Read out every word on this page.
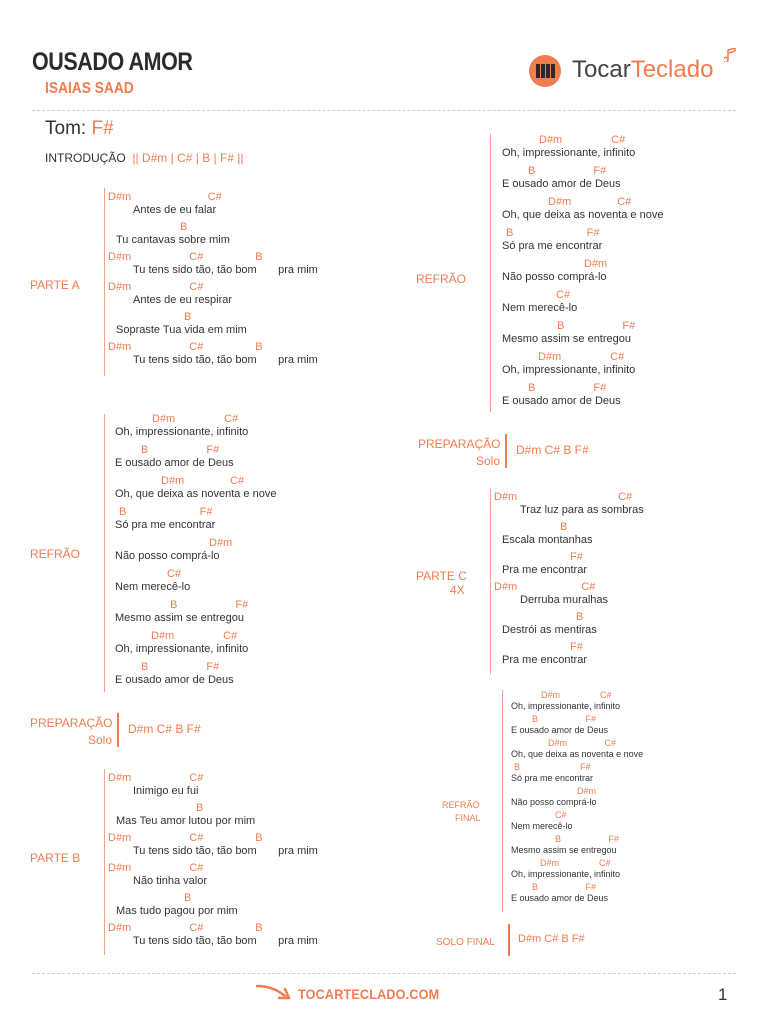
OUSADO AMOR
ISAIAS SAAD
TocarTeclado
Tom: F#
INTRODUÇÃO || D#m | C# | B | F# ||
PARTE A
D#m                         C#
Antes de eu falar
B
Tu cantavas sobre mim
D#m                   C#                 B
Tu tens sido tão, tão bom       pra mim
D#m                   C#
Antes de eu respirar
B
Sopraste Tua vida em mim
D#m                   C#                 B
Tu tens sido tão, tão bom       pra mim
REFRÃO
D#m                C#
Oh, impressionante, infinito
B                   F#
E ousado amor de Deus
D#m               C#
Oh, que deixa as noventa e nove
B                        F#
Só pra me encontrar
D#m
Não posso comprá-lo
C#
Nem merecê-lo
B                   F#
Mesmo assim se entregou
D#m                C#
Oh, impressionante, infinito
B                   F#
E ousado amor de Deus
PREPARAÇÃO
Solo
D#m C# B F#
PARTE B
D#m                   C#
Inimigo eu fui
B
Mas Teu amor lutou por mim
D#m                   C#                 B
Tu tens sido tão, tão bom       pra mim
D#m                   C#
Não tinha valor
B
Mas tudo pagou por mim
D#m                   C#                 B
Tu tens sido tão, tão bom       pra mim
REFRÃO
D#m                C#
Oh, impressionante, infinito
B                   F#
E ousado amor de Deus
D#m               C#
Oh, que deixa as noventa e nove
B                        F#
Só pra me encontrar
D#m
Não posso comprá-lo
C#
Nem merecê-lo
B                   F#
Mesmo assim se entregou
D#m                C#
Oh, impressionante, infinito
B                   F#
E ousado amor de Deus
PREPARAÇÃO
Solo
D#m C# B F#
PARTE C
4X
D#m                                 C#
Traz luz para as sombras
B
Escala montanhas
F#
Pra me encontrar
D#m                     C#
Derruba muralhas
B
Destrói as mentiras
F#
Pra me encontrar
REFRÃO
FINAL
D#m                C#
Oh, impressionante, infinito
B                   F#
E ousado amor de Deus
D#m               C#
Oh, que deixa as noventa e nove
B                        F#
Só pra me encontrar
D#m
Não posso comprá-lo
C#
Nem merecê-lo
B                   F#
Mesmo assim se entregou
D#m                C#
Oh, impressionante, infinito
B                   F#
E ousado amor de Deus
SOLO FINAL D#m C# B F#
TOCARTECLADO.COM	1
